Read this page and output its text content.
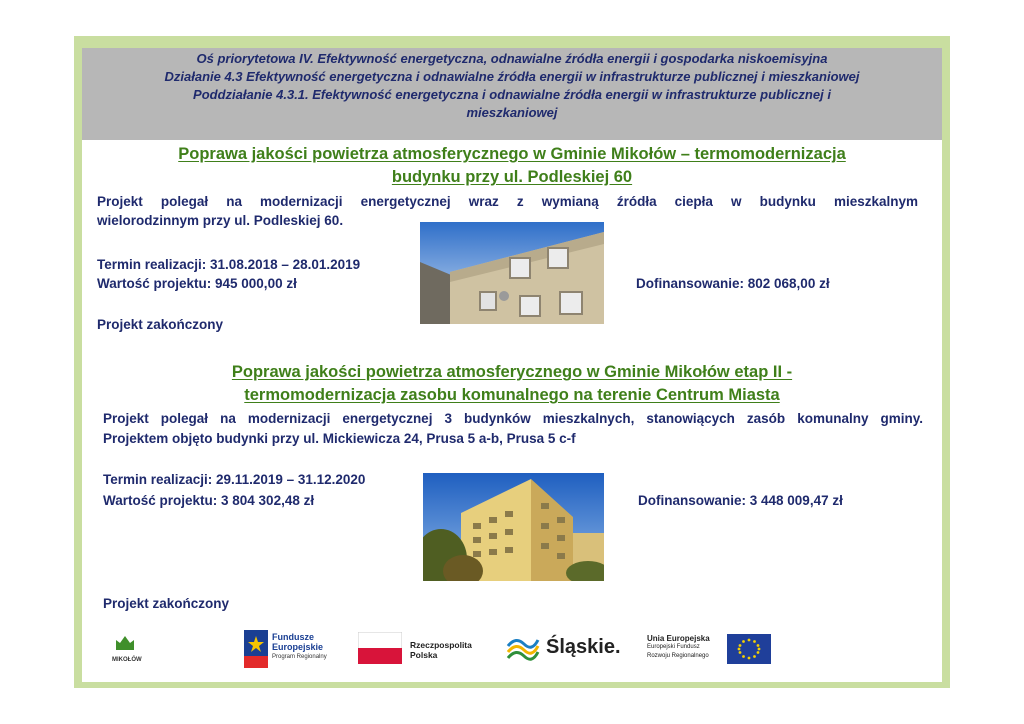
Oś priorytetowa IV. Efektywność energetyczna, odnawialne źródła energii i gospodarka niskoemisyjna
Działanie 4.3 Efektywność energetyczna i odnawialne źródła energii w infrastrukturze publicznej i mieszkaniowej
Poddziałanie 4.3.1. Efektywność energetyczna i odnawialne źródła energii w infrastrukturze publicznej i
mieszkaniowej
Poprawa jakości powietrza atmosferycznego w Gminie Mikołów – termomodernizacja
budynku przy ul. Podleskiej 60
Projekt polegał na modernizacji energetycznej wraz z wymianą źródła ciepła w budynku mieszkalnym
wielorodzinnym przy ul. Podleskiej 60.
Termin realizacji: 31.08.2018 – 28.01.2019
Wartość projektu: 945 000,00 zł	Dofinansowanie: 802 068,00 zł
Projekt zakończony
Poprawa jakości powietrza atmosferycznego w Gminie Mikołów etap II -
termomodernizacja zasobu komunalnego na terenie Centrum Miasta
Projekt polegał na modernizacji energetycznej 3 budynków mieszkalnych, stanowiących zasób komunalny gminy.
Projektem objęto budynki przy ul. Mickiewicza 24, Prusa 5 a-b, Prusa 5 c-f
Termin realizacji: 29.11.2019 – 31.12.2020
Wartość projektu: 3 804 302,48 zł	Dofinansowanie: 3 448 009,47 zł
Projekt zakończony
MIKOŁÓW
Fundusze
Europejskie
Program Regionalny
Rzeczpospolita
Polska	Śląskie.	Unia Europejska
Europejski Fundusz
Rozwoju Regionalnego
